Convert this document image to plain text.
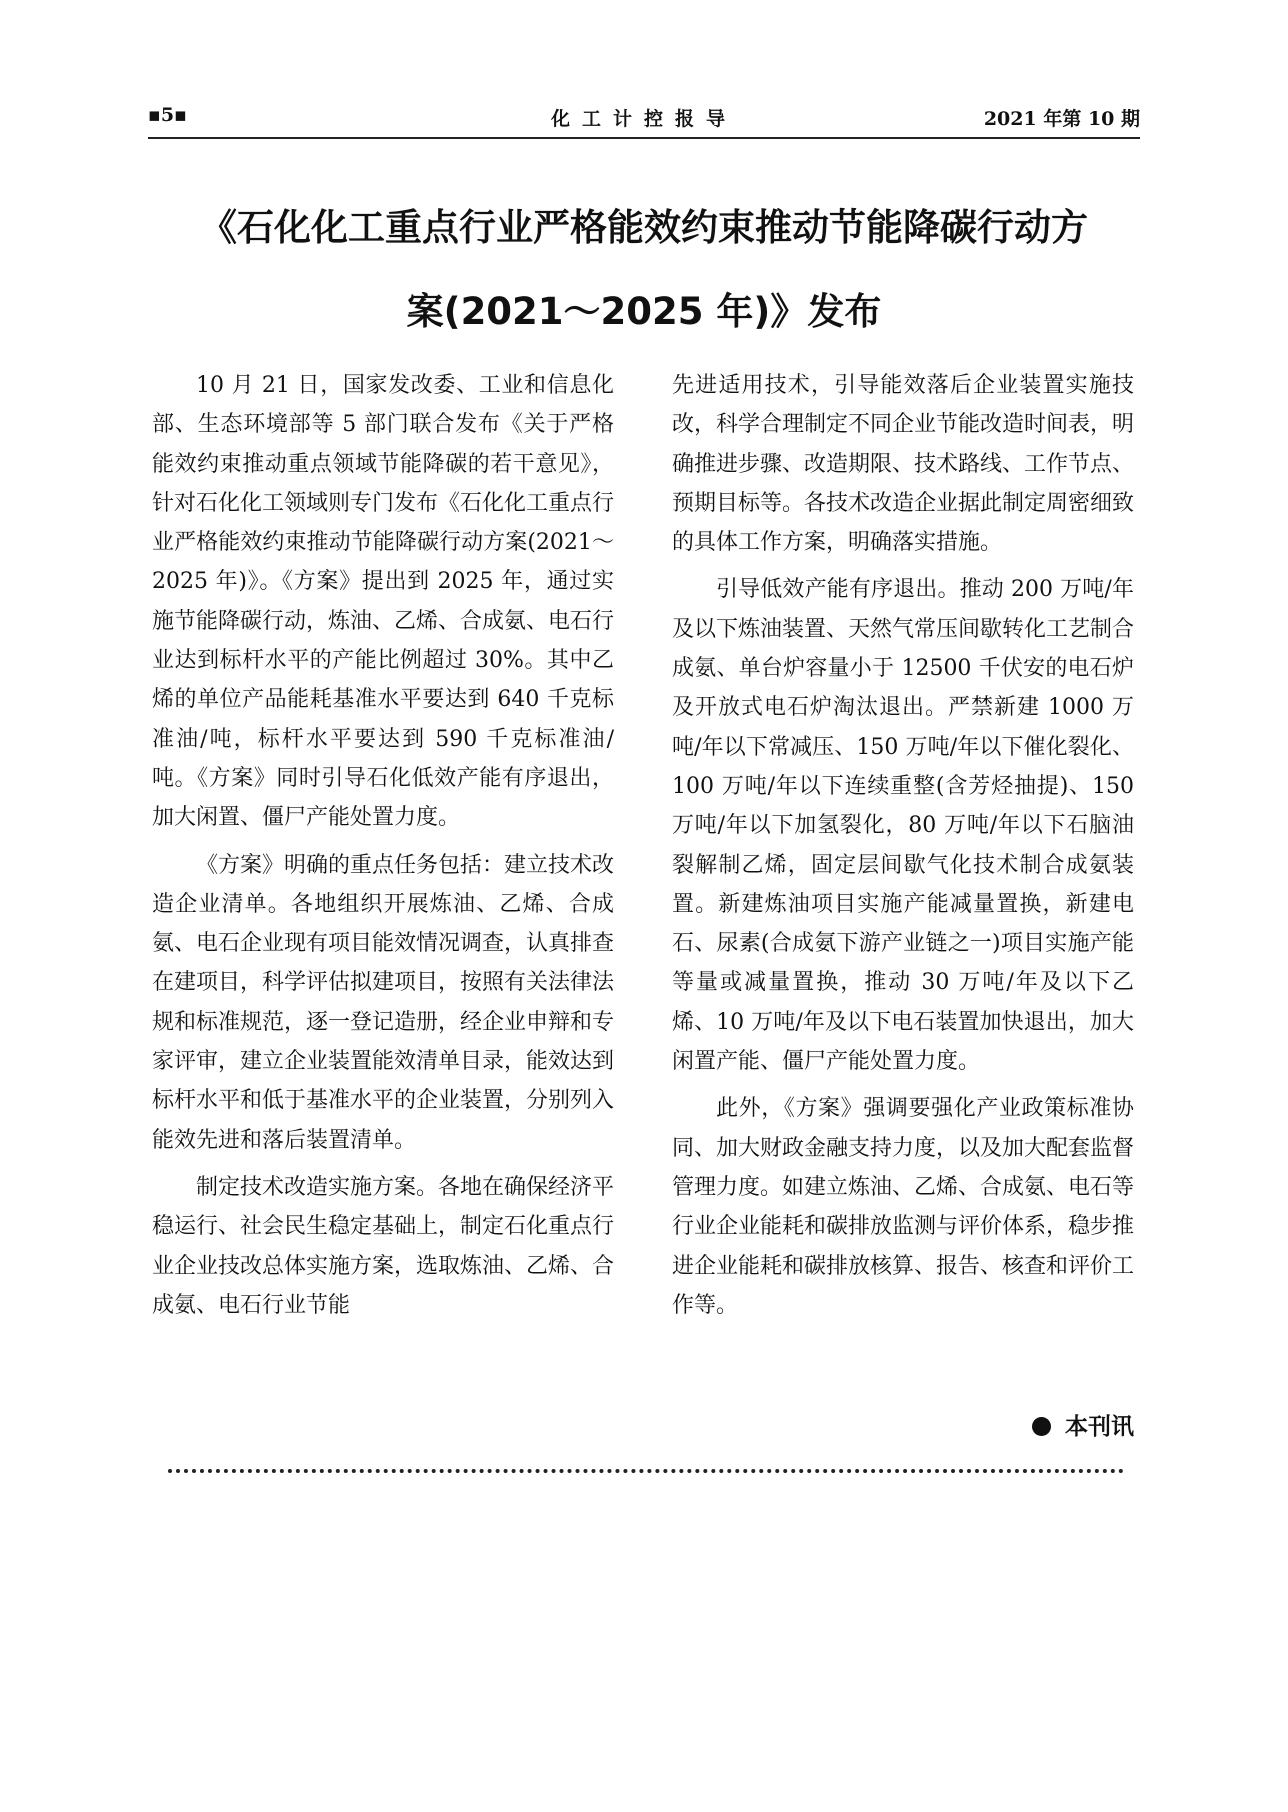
▪5▪	化工计控报导	2021 年第 10 期
《石化化工重点行业严格能效约束推动节能降碳行动方
案(2021～2025 年)》发布

10 月 21 日，国家发改委、工业和信息化部、生态环境部等 5 部门联合发布《关于严格能效约束推动重点领域节能降碳的若干意见》，针对石化化工领域则专门发布《石化化工重点行业严格能效约束推动节能降碳行动方案(2021～2025 年)》。《方案》提出到 2025 年，通过实施节能降碳行动，炼油、乙烯、合成氨、电石行业达到标杆水平的产能比例超过 30%。其中乙烯的单位产品能耗基准水平要达到 640 千克标准油/吨，标杆水平要达到 590 千克标准油/吨。《方案》同时引导石化低效产能有序退出，加大闲置、僵尸产能处置力度。

《方案》明确的重点任务包括：建立技术改造企业清单。各地组织开展炼油、乙烯、合成氨、电石企业现有项目能效情况调查，认真排查在建项目，科学评估拟建项目，按照有关法律法规和标准规范，逐一登记造册，经企业申辩和专家评审，建立企业装置能效清单目录，能效达到标杆水平和低于基准水平的企业装置，分别列入能效先进和落后装置清单。

制定技术改造实施方案。各地在确保经济平稳运行、社会民生稳定基础上，制定石化重点行业企业技改总体实施方案，选取炼油、乙烯、合成氨、电石行业节能

先进适用技术，引导能效落后企业装置实施技改，科学合理制定不同企业节能改造时间表，明确推进步骤、改造期限、技术路线、工作节点、预期目标等。各技术改造企业据此制定周密细致的具体工作方案，明确落实措施。

引导低效产能有序退出。推动 200 万吨/年及以下炼油装置、天然气常压间歇转化工艺制合成氨、单台炉容量小于 12500 千伏安的电石炉及开放式电石炉淘汰退出。严禁新建 1000 万吨/年以下常减压、150 万吨/年以下催化裂化、100 万吨/年以下连续重整(含芳烃抽提)、150 万吨/年以下加氢裂化，80 万吨/年以下石脑油裂解制乙烯，固定层间歇气化技术制合成氨装置。新建炼油项目实施产能减量置换，新建电石、尿素(合成氨下游产业链之一)项目实施产能等量或减量置换，推动 30 万吨/年及以下乙烯、10 万吨/年及以下电石装置加快退出，加大闲置产能、僵尸产能处置力度。

此外，《方案》强调要强化产业政策标准协同、加大财政金融支持力度，以及加大配套监督管理力度。如建立炼油、乙烯、合成氨、电石等行业企业能耗和碳排放监测与评价体系，稳步推进企业能耗和碳排放核算、报告、核查和评价工作等。

本刊讯
